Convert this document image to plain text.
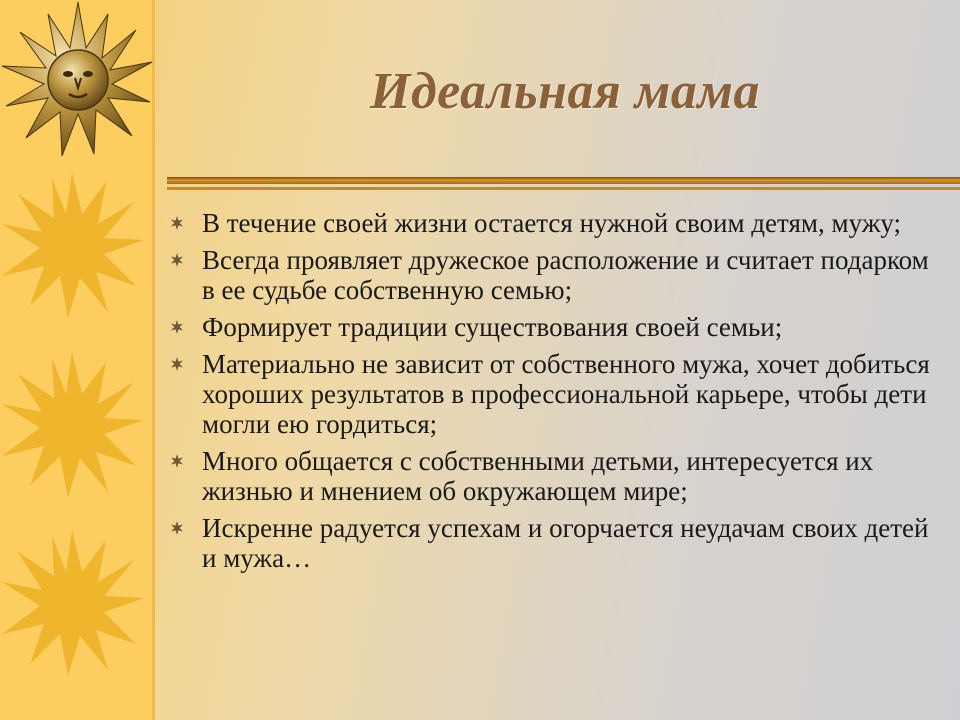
Идеальная мама
В течение своей жизни остается нужной своим детям, мужу;
Всегда проявляет дружеское расположение и считает подарком в ее судьбе собственную семью;
Формирует традиции существования своей семьи;
Материально не зависит от собственного мужа, хочет добиться хороших результатов в профессиональной карьере, чтобы дети могли ею гордиться;
Много общается с собственными детьми, интересуется их жизнью и мнением об окружающем мире;
Искренне радуется успехам и огорчается неудачам своих детей и мужа…
